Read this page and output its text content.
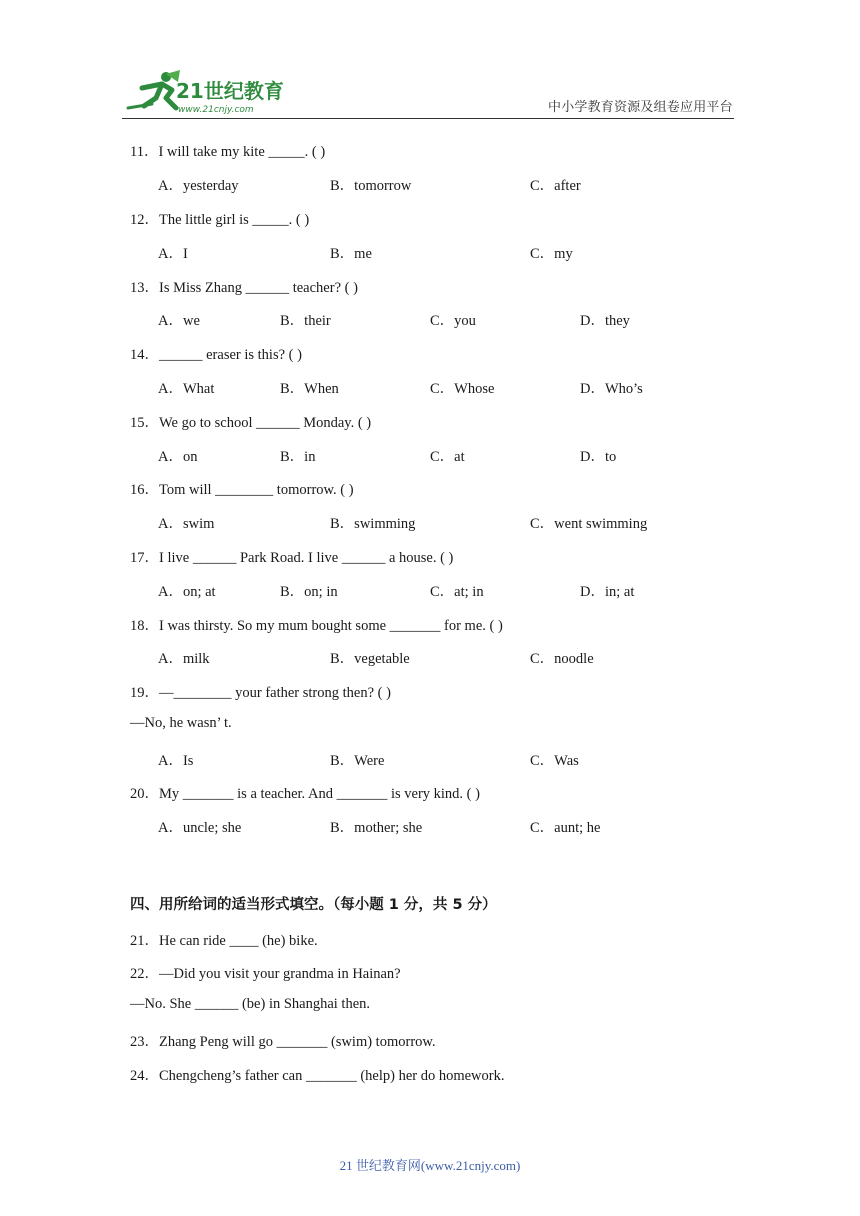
21世纪教育
www.21cnjy.com	中小学教育资源及组卷应用平台
11．I will take my kite _____. ( )
A．yesterday	B．tomorrow	C．after
12．The little girl is _____. ( )
A．I	B．me	C．my
13．Is Miss Zhang ______ teacher? ( )
A．we	B．their	C．you	D．they
14．______ eraser is this? ( )
A．What	B．When	C．Whose	D．Who’s
15．We go to school ______ Monday. ( )
A．on	B．in	C．at	D．to
16．Tom will ________ tomorrow. ( )
A．swim	B．swimming	C．went swimming
17．I live ______ Park Road. I live ______ a house. ( )
A．on; at	B．on; in	C．at; in	D．in; at
18．I was thirsty. So my mum bought some _______ for me. ( )
A．milk	B．vegetable	C．noodle
19．—________ your father strong then? ( )
—No, he wasn’ t.
A．Is	B．Were	C．Was
20．My _______ is a teacher. And _______ is very kind. ( )
A．uncle; she	B．mother; she	C．aunt; he
四、用所给词的适当形式填空。（每小题 1 分，共 5 分）
21．He can ride ____ (he) bike.
22．—Did you visit your grandma in Hainan?
—No. She ______ (be) in Shanghai then.
23．Zhang Peng will go _______ (swim) tomorrow.
24．Chengcheng’s father can _______ (help) her do homework.
21 世纪教育网(www.21cnjy.com)
